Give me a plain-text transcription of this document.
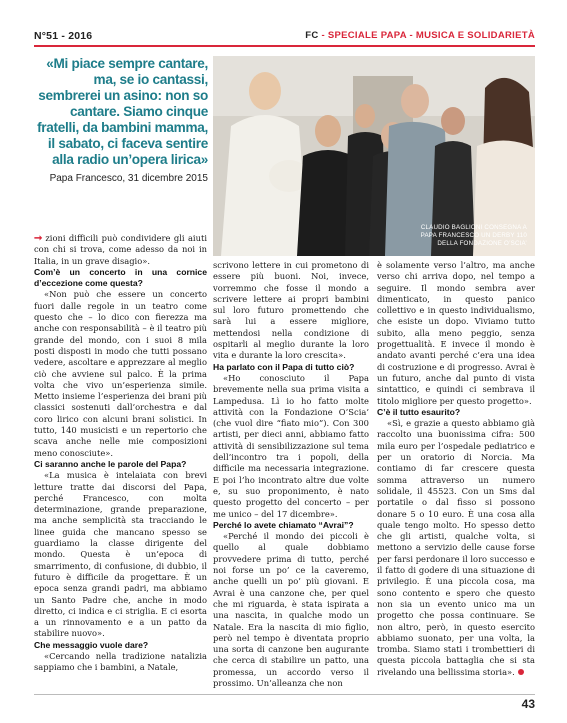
N°51 - 2016	FC - SPECIALE PAPA - MUSICA E SOLIDARIETÀ
«Mi piace sempre cantare, ma, se io cantassi, sembrerei un asino: non so cantare. Siamo cinque fratelli, da bambini mamma, il sabato, ci faceva sentire alla radio un’opera lirica»
Papa Francesco, 31 dicembre 2015
CLAUDIO BAGLIONI CONSEGNA A PAPA FRANCESCO UN DERBY 110 DELLA FONDAZIONE O’SCIA’

➞ zioni difficili può condividere gli aiuti con chi si trova, come adesso da noi in Italia, in un grave disagio».

Com’è un concerto in una cornice d’eccezione come questa?

«Non può che essere un concerto fuori dalle regole in un teatro come questo che – lo dico con fierezza ma anche con responsabilità – è il teatro più grande del mondo, con i suoi 8 mila posti disposti in modo che tutti possano vedere, ascoltare e apprezzare al meglio ciò che avviene sul palco. È la prima volta che vivo un’esperienza simile. Metto insieme l’esperienza dei brani più classici sostenuti dall’orchestra e dal coro lirico con alcuni brani solistici. In tutto, 140 musicisti e un repertorio che scava anche nelle mie composizioni meno conosciute».

Ci saranno anche le parole del Papa?

«La musica è intelaiata con brevi letture tratte dai discorsi del Papa, perché Francesco, con molta determinazione, grande preparazione, ma anche semplicità sta tracciando le linee guida che mancano spesso se guardiamo la classe dirigente del mondo. Questa è un’epoca di smarrimento, di confusione, di dubbio, il futuro è difficile da progettare. È un epoca senza grandi padri, ma abbiamo un Santo Padre che, anche in modo diretto, ci indica e ci striglia. E ci esorta a un rinnovamento e a un patto da stabilire nuovo».

Che messaggio vuole dare?

«Cercando nella tradizione natalizia sappiamo che i bambini, a Natale,

scrivono lettere in cui prometono di essere più buoni. Noi, invece, vorremmo che fosse il mondo a scrivere lettere ai propri bambini sul loro futuro promettendo che sarà lui a essere migliore, mettendosi nella condizione di ospitarli al meglio durante la loro vita e durante la loro crescita».

Ha parlato con il Papa di tutto ciò?

«Ho conosciuto il Papa brevemente nella sua prima visita a Lampedusa. Lì io ho fatto molte attività con la Fondazione O’Scia’ (che vuol dire “fiato mio”). Con 300 artisti, per dieci anni, abbiamo fatto attività di sensibilizzazione sul tema dell’incontro tra i popoli, della difficile ma necessaria integrazione. E poi l’ho incontrato altre due volte e, su suo proponimento, è nato questo progetto del concerto – per me unico – del 17 dicembre».

Perché lo avete chiamato “Avrai”?

«Perché il mondo dei piccoli è quello al quale dobbiamo provvedere prima di tutto, perché noi forse un po’ ce la caveremo, anche quelli un po’ più giovani. E Avrai è una canzone che, per quel che mi riguarda, è stata ispirata a una nascita, in qualche modo un Natale. Era la nascita di mio figlio, però nel tempo è diventata proprio una sorta di canzone ben augurante che cerca di stabilire un patto, una promessa, un accordo verso il prossimo. Un’alleanza che non

è solamente verso l’altro, ma anche verso chi arriva dopo, nel tempo a seguire. Il mondo sembra aver dimenticato, in questo panico collettivo e in questo individualismo, che esiste un dopo. Viviamo tutto subito, alla meno peggio, senza progettualità. E invece il mondo è andato avanti perché c’era una idea di costruzione e di progresso. Avrai è un futuro, anche dal punto di vista sintattico, e quindi ci sembrava il titolo migliore per questo progetto».

C’è il tutto esaurito?

«Sì, e grazie a questo abbiamo già raccolto una buonissima cifra: 500 mila euro per l’ospedale pediatrico e per un oratorio di Norcia. Ma contiamo di far crescere questa somma attraverso un numero solidale, il 45523. Con un Sms dal portatile o dal fisso si possono donare 5 o 10 euro. È una cosa alla quale tengo molto. Ho spesso detto che gli artisti, qualche volta, si mettono a servizio delle cause forse per farsi perdonare il loro successo e il fatto di godere di una situazione di privilegio. È una piccola cosa, ma sono contento e spero che questo non sia un evento unico ma un progetto che possa continuare. Se non altro, però, in questo esercito abbiamo suonato, per una volta, la tromba. Siamo stati i trombettieri di questa piccola battaglia che si sta rivelando una bellissima storia».

43
